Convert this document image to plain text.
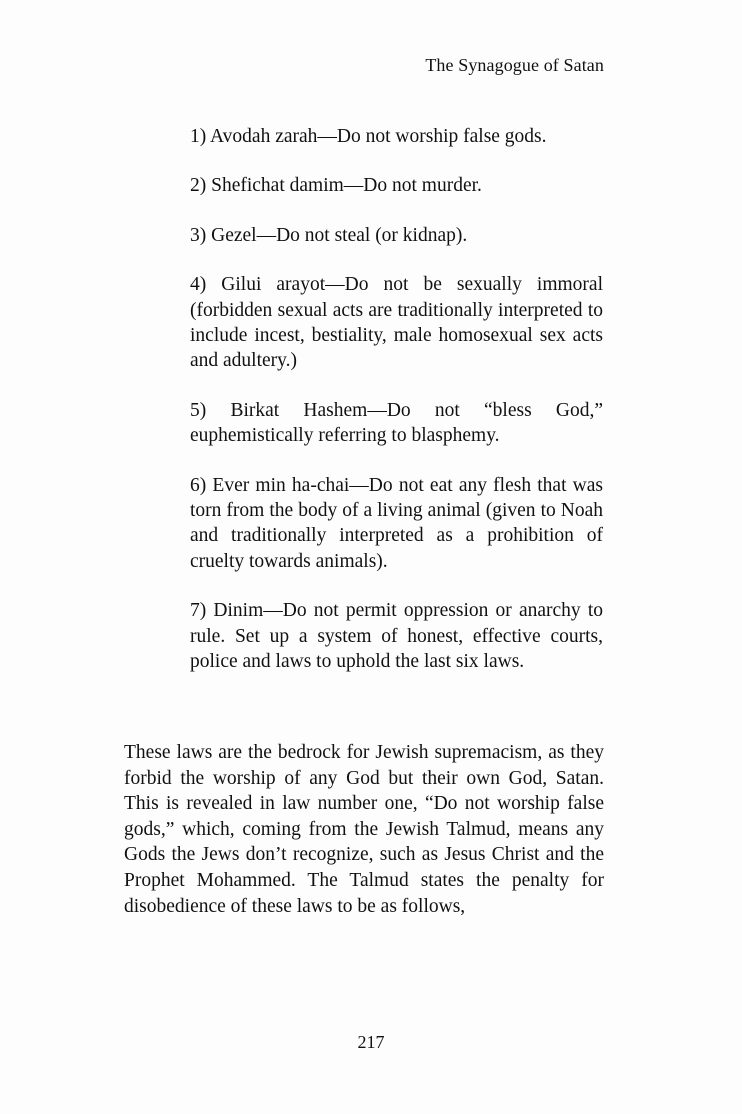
The Synagogue of Satan
1) Avodah zarah—Do not worship false gods.
2) Shefichat damim—Do not murder.
3) Gezel—Do not steal (or kidnap).
4) Gilui arayot—Do not be sexually immoral (forbidden sexual acts are traditionally interpreted to include incest, bestiality, male homosexual sex acts and adultery.)
5) Birkat Hashem—Do not “bless God,” euphemistically referring to blasphemy.
6) Ever min ha-chai—Do not eat any flesh that was torn from the body of a living animal (given to Noah and traditionally interpreted as a prohibition of cruelty towards animals).
7) Dinim—Do not permit oppression or anarchy to rule. Set up a system of honest, effective courts, police and laws to uphold the last six laws.

These laws are the bedrock for Jewish supremacism, as they forbid the worship of any God but their own God, Satan. This is revealed in law number one, “Do not worship false gods,” which, coming from the Jewish Talmud, means any Gods the Jews don’t recognize, such as Jesus Christ and the Prophet Mohammed. The Talmud states the penalty for disobedience of these laws to be as follows,

217
